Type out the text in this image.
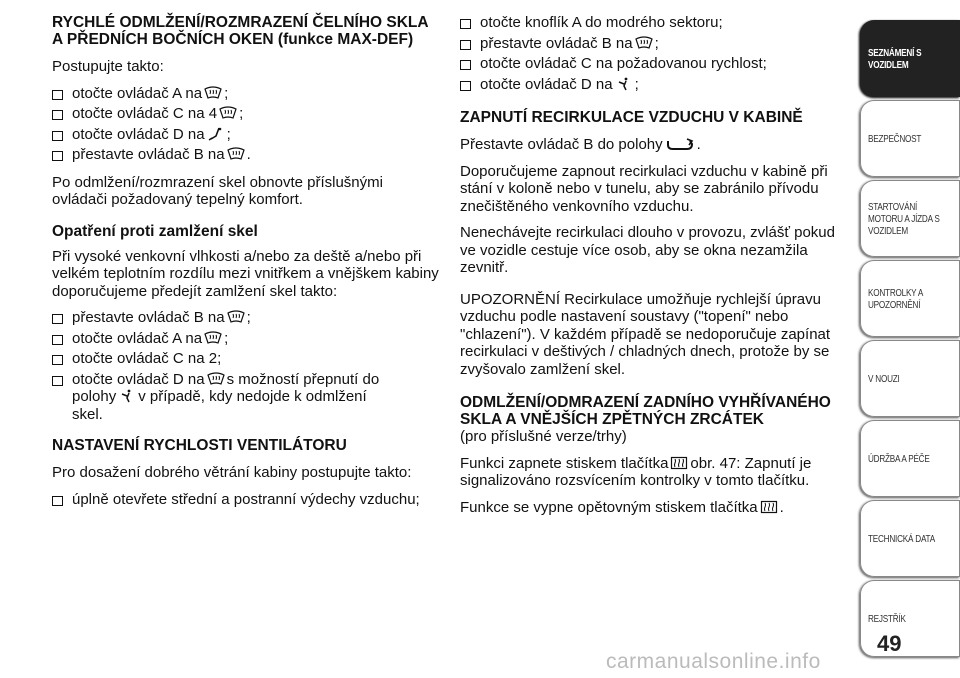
RYCHLÉ ODMLŽENÍ/ROZMRAZENÍ ČELNÍHO SKLA A PŘEDNÍCH BOČNÍCH OKEN (funkce MAX-DEF)

Postupujte takto:

otočte ovládač A na ;
otočte ovládač C na 4 ;
otočte ovládač D na ;
přestavte ovládač B na .

Po odmlžení/rozmrazení skel obnovte příslušnými ovládači požadovaný tepelný komfort.

Opatření proti zamlžení skel

Při vysoké venkovní vlhkosti a/nebo za deště a/nebo při velkém teplotním rozdílu mezi vnitřkem a vnějškem kabiny doporučujeme předejít zamlžení skel takto:

přestavte ovládač B na ;
otočte ovládač A na ;
otočte ovládač C na 2;
otočte ovládač D na s možností přepnutí do
polohy v případě, kdy nedojde k odmlžení
skel.
NASTAVENÍ RYCHLOSTI VENTILÁTORU

Pro dosažení dobrého větrání kabiny postupujte takto:

úplně otevřete střední a postranní výdechy vzduchu;
otočte knoflík A do modrého sektoru;
přestavte ovládač B na ;
otočte ovládač C na požadovanou rychlost;
otočte ovládač D na ;
ZAPNUTÍ RECIRKULACE VZDUCHU V KABINĚ

Přestavte ovládač B do polohy .

Doporučujeme zapnout recirkulaci vzduchu v kabině při stání v koloně nebo v tunelu, aby se zabránilo přívodu znečištěného venkovního vzduchu.

Nenechávejte recirkulaci dlouho v provozu, zvlášť pokud ve vozidle cestuje více osob, aby se okna nezamžila zevnitř.

UPOZORNĚNÍ Recirkulace umožňuje rychlejší úpravu vzduchu podle nastavení soustavy ("topení" nebo "chlazení"). V každém případě se nedoporučuje zapínat recirkulaci v deštivých / chladných dnech, protože by se zvyšovalo zamlžení skel.

ODMLŽENÍ/ODMRAZENÍ ZADNÍHO VYHŘÍVANÉHO SKLA A VNĚJŠÍCH ZPĚTNÝCH ZRCÁTEK

(pro příslušné verze/trhy)

Funkci zapnete stiskem tlačítka obr. 47: Zapnutí je signalizováno rozsvícením kontrolky v tomto tlačítku.

Funkce se vypne opětovným stiskem tlačítka .

SEZNÁMENÍ S VOZIDLEM
BEZPEČNOST
STARTOVÁNÍ MOTORU A JÍZDA S VOZIDLEM
KONTROLKY A UPOZORNĚNÍ
V NOUZI
ÚDRŽBA A PÉČE
TECHNICKÁ DATA
REJSTŘÍK
49
carmanualsonline.info
